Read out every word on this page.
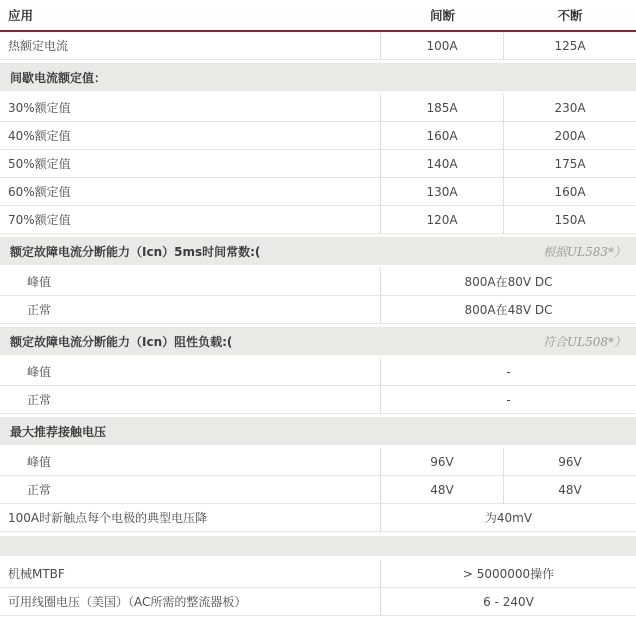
应用	间断	不断
热额定电流	100A	125A
间歇电流额定值：
30%额定值	185A	230A
40%额定值	160A	200A
50%额定值	140A	175A
60%额定值	130A	160A
70%额定值	120A	150A
额定故障电流分断能力（Icn）5ms时间常数:(	根据UL583*）
峰值	800A在80V DC
正常	800A在48V DC
额定故障电流分断能力（Icn）阻性负载:(	符合UL508*）
峰值	-
正常	-
最大推荐接触电压
峰值	96V	96V
正常	48V	48V
100A时新触点每个电极的典型电压降	为40mV
机械MTBF	> 5000000操作
可用线圈电压（美国）（AC所需的整流器板）	6 - 240V
